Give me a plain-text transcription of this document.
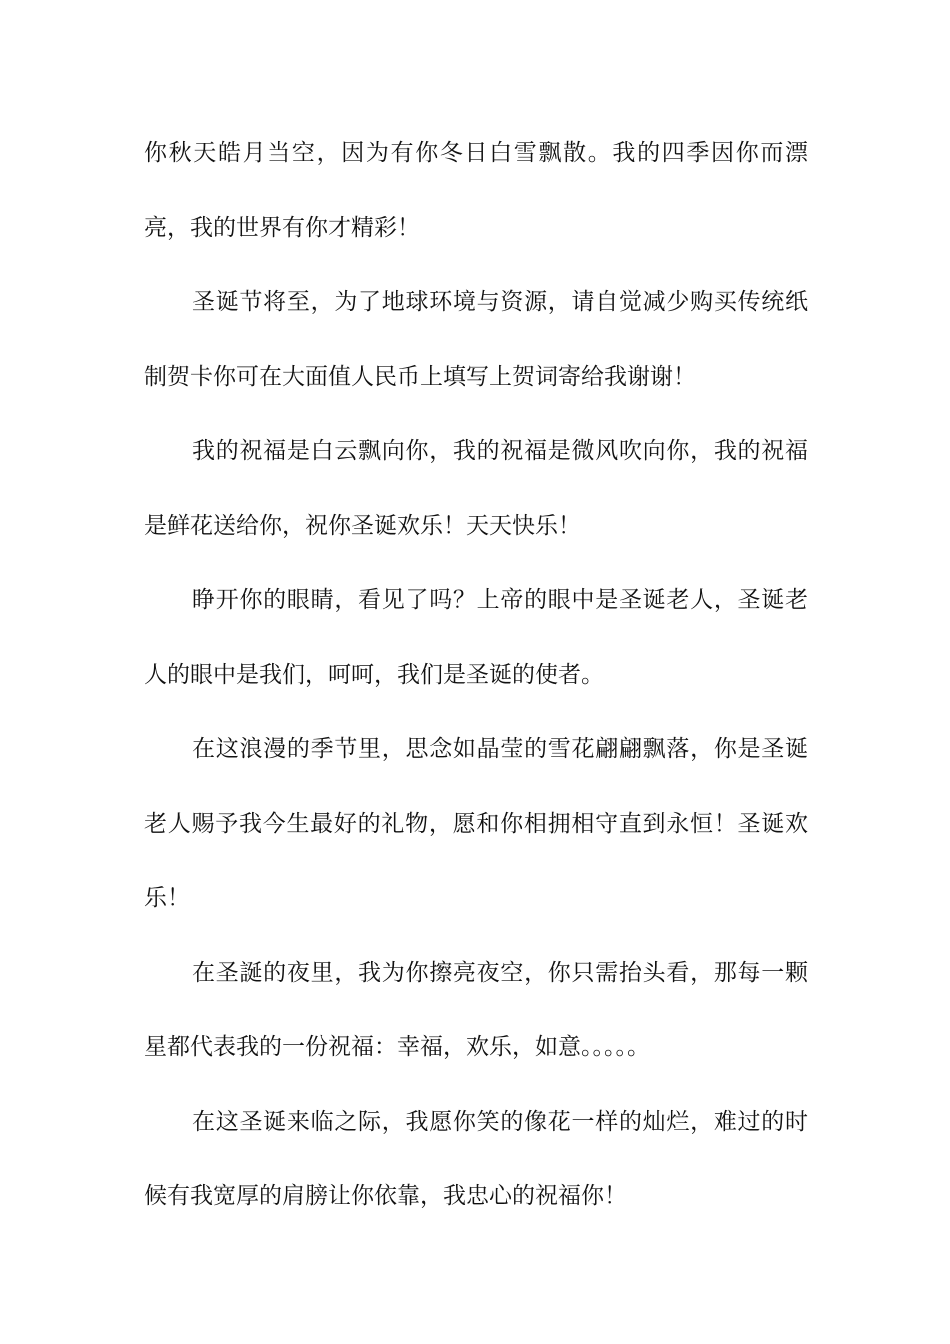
你秋天皓月当空，因为有你冬日白雪飘散。我的四季因你而漂亮，我的世界有你才精彩！

圣诞节将至，为了地球环境与资源，请自觉减少购买传统纸制贺卡你可在大面值人民币上填写上贺词寄给我谢谢！

我的祝福是白云飘向你，我的祝福是微风吹向你，我的祝福是鲜花送给你，祝你圣诞欢乐！天天快乐！

睁开你的眼睛，看见了吗？上帝的眼中是圣诞老人，圣诞老人的眼中是我们，呵呵，我们是圣诞的使者。

在这浪漫的季节里，思念如晶莹的雪花翩翩飘落，你是圣诞老人赐予我今生最好的礼物，愿和你相拥相守直到永恒！圣诞欢乐！

在圣誕的夜里，我为你擦亮夜空，你只需抬头看，那每一颗星都代表我的一份祝福：幸福，欢乐，如意。。。。。

在这圣诞来临之际，我愿你笑的像花一样的灿烂，难过的时候有我宽厚的肩膀让你依靠，我忠心的祝福你！
